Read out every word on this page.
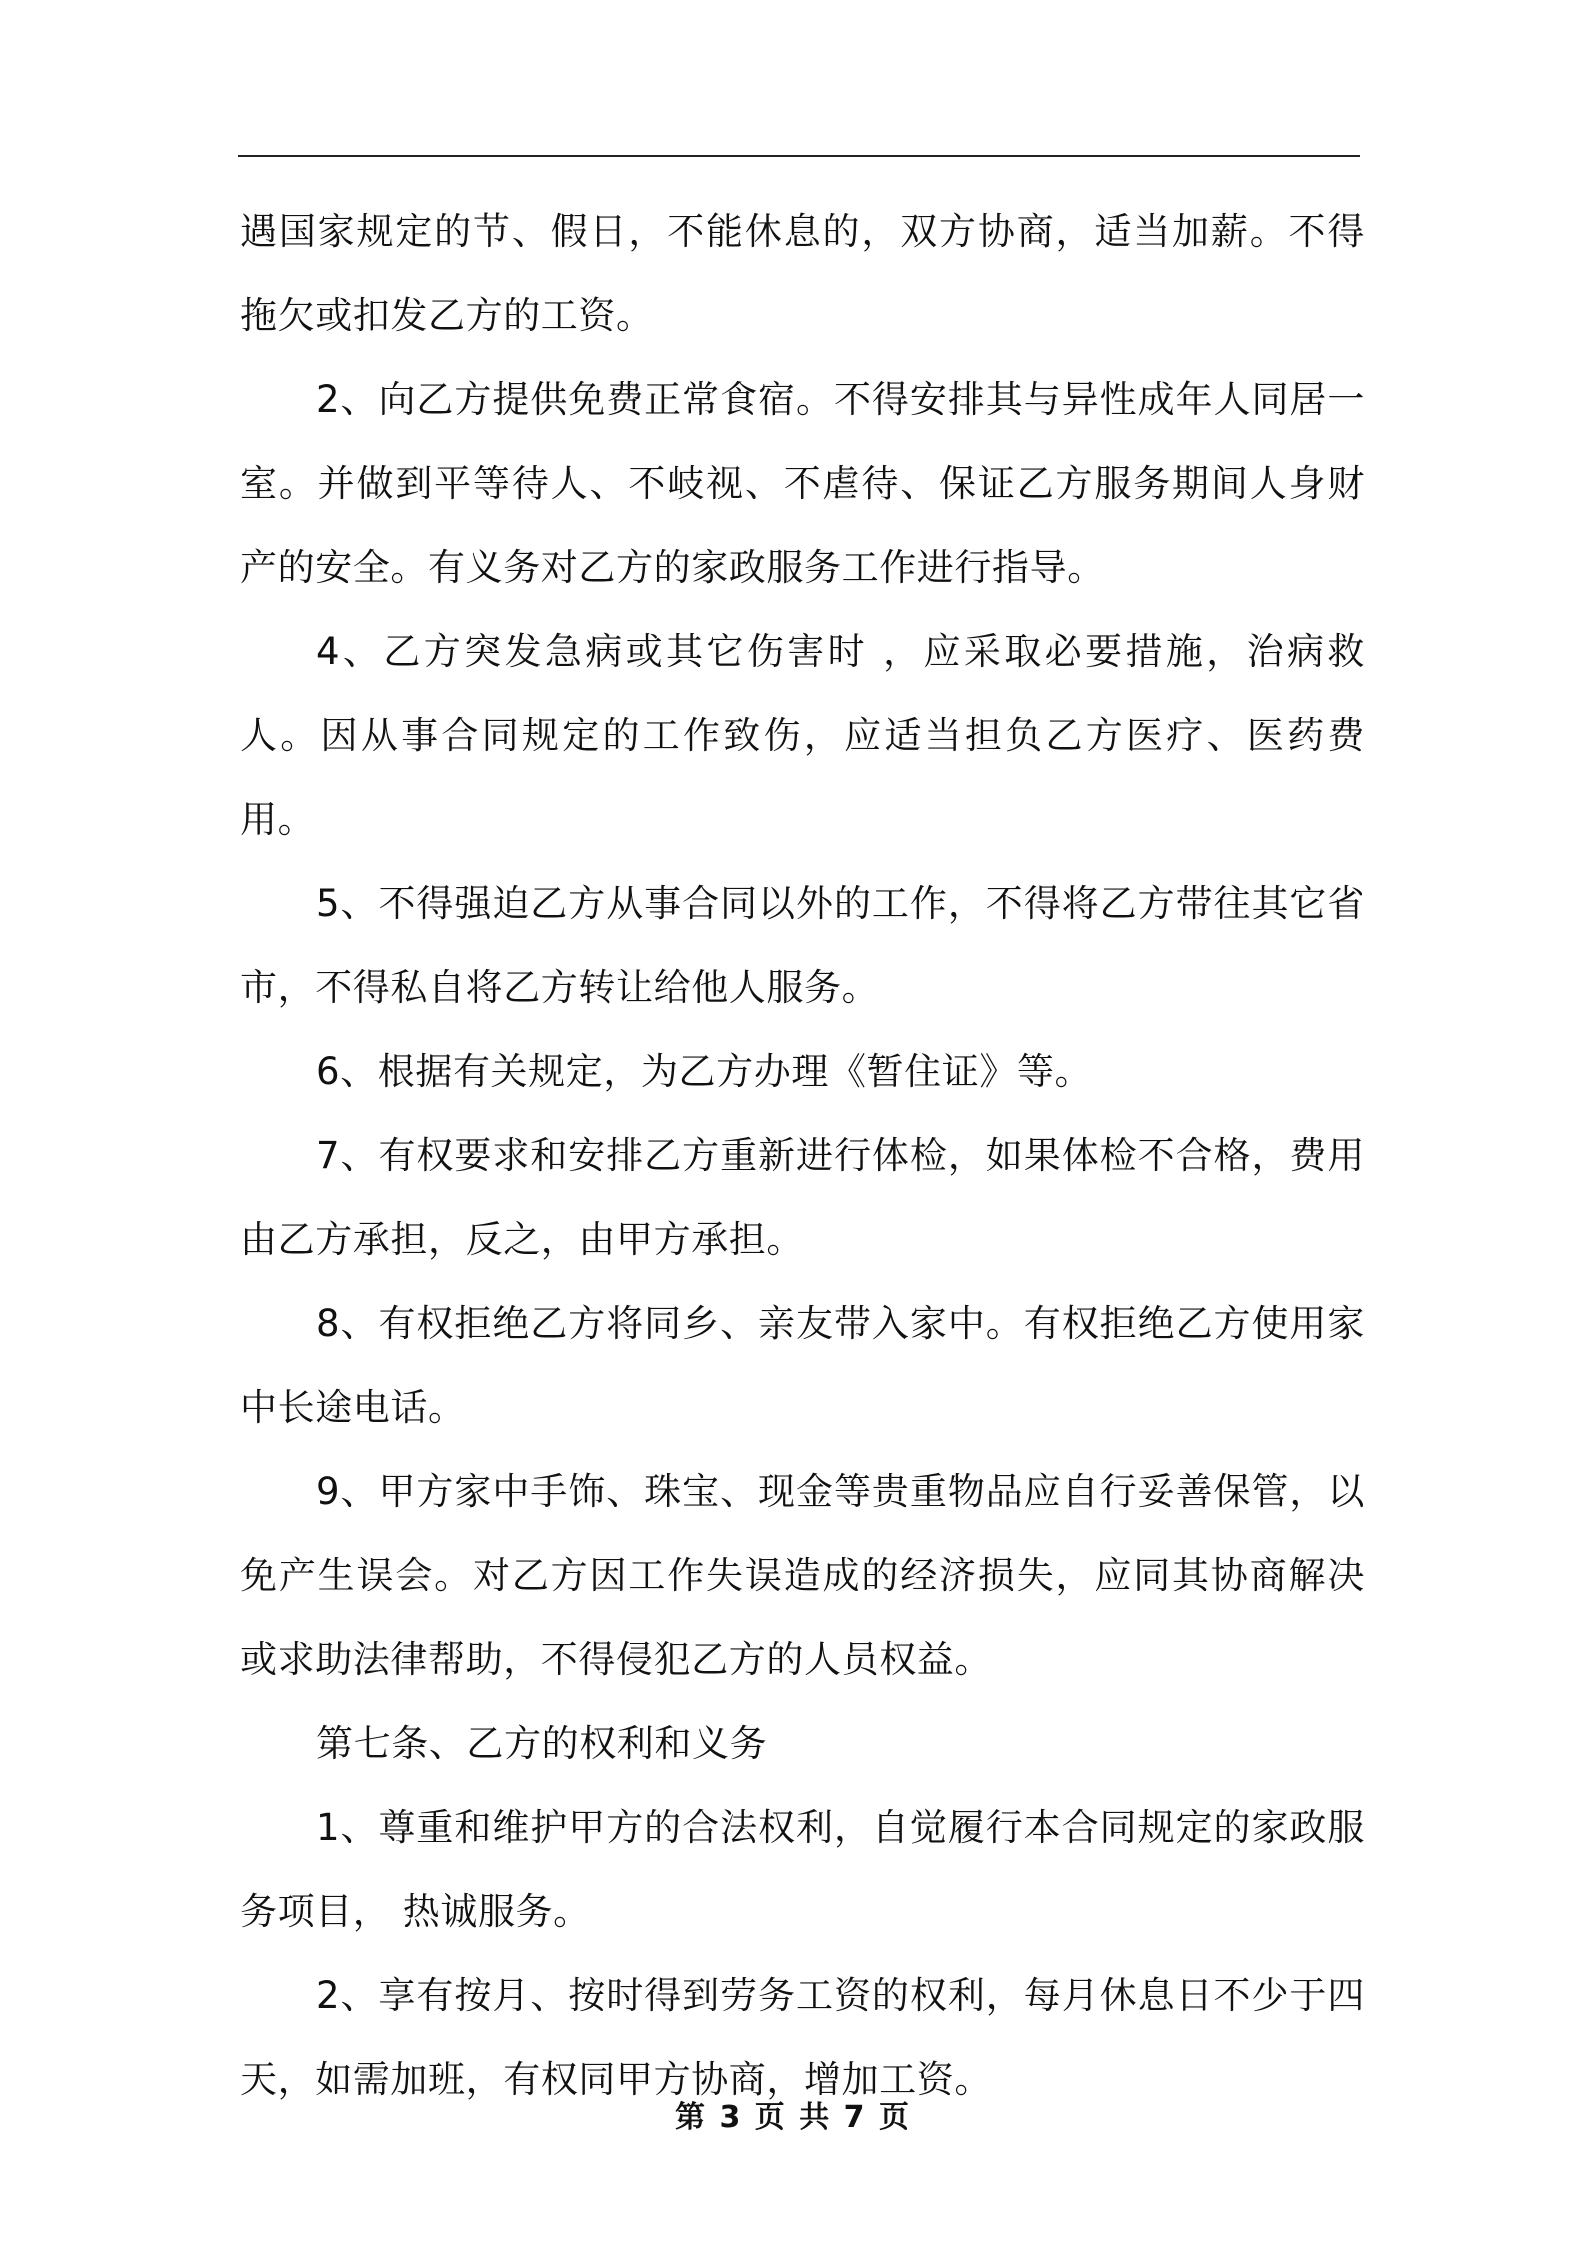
遇国家规定的节、假日，不能休息的，双方协商，适当加薪。不得拖欠或扣发乙方的工资。

2、向乙方提供免费正常食宿。不得安排其与异性成年人同居一室。并做到平等待人、不岐视、不虐待、保证乙方服务期间人身财产的安全。有义务对乙方的家政服务工作进行指导。

4、乙方突发急病或其它伤害时 ，应采取必要措施，治病救人。因从事合同规定的工作致伤，应适当担负乙方医疗、医药费用。

5、不得强迫乙方从事合同以外的工作，不得将乙方带往其它省市，不得私自将乙方转让给他人服务。

6、根据有关规定，为乙方办理《暂住证》等。

7、有权要求和安排乙方重新进行体检，如果体检不合格，费用由乙方承担，反之，由甲方承担。

8、有权拒绝乙方将同乡、亲友带入家中。有权拒绝乙方使用家中长途电话。

9、甲方家中手饰、珠宝、现金等贵重物品应自行妥善保管，以免产生误会。对乙方因工作失误造成的经济损失，应同其协商解决或求助法律帮助，不得侵犯乙方的人员权益。

第七条、乙方的权利和义务

1、尊重和维护甲方的合法权利，自觉履行本合同规定的家政服务项目， 热诚服务。

2、享有按月、按时得到劳务工资的权利，每月休息日不少于四天，如需加班，有权同甲方协商，增加工资。

第 3 页 共 7 页
